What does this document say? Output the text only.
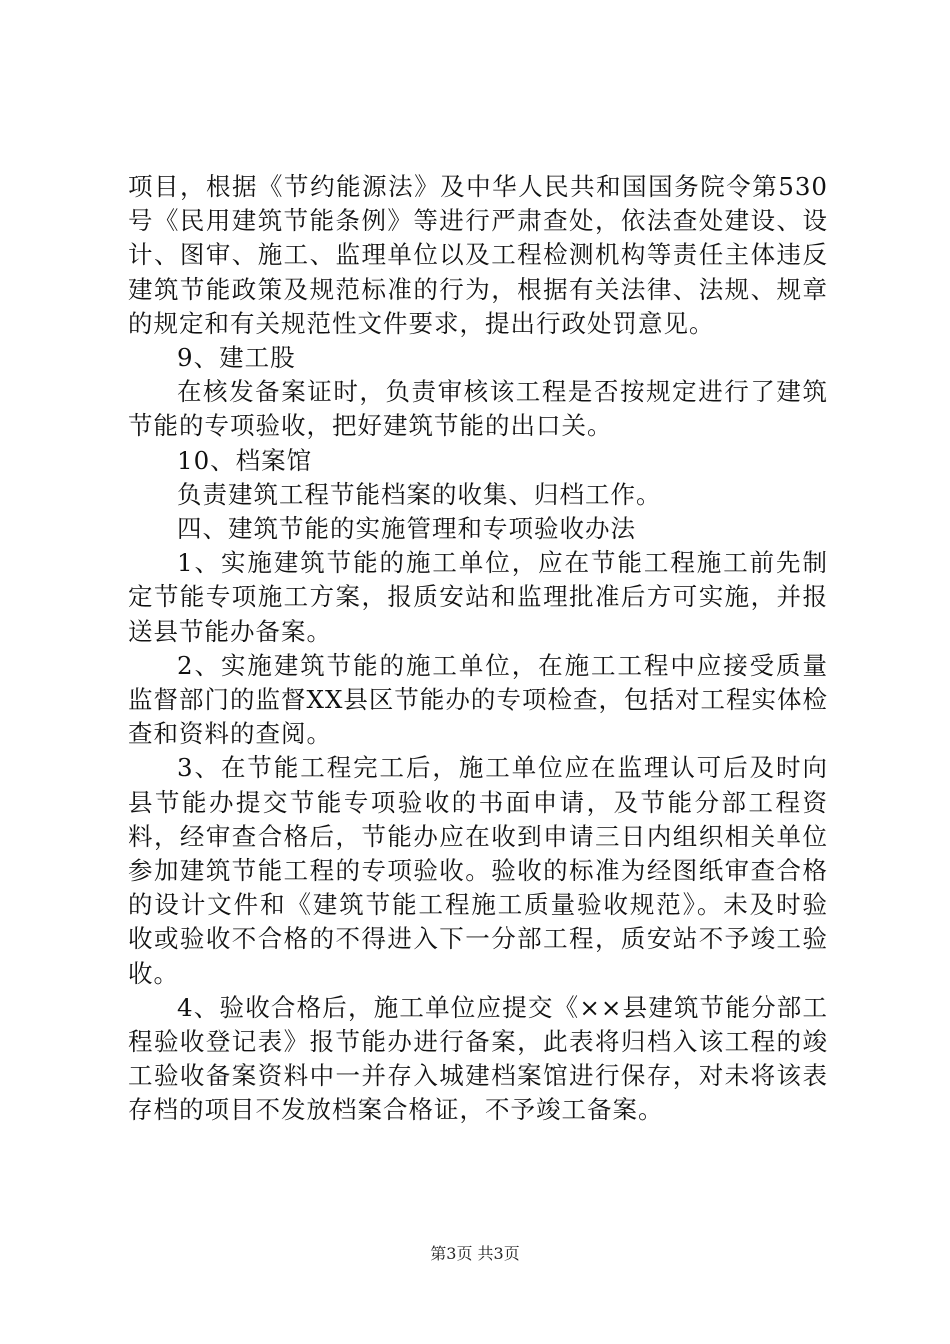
项目，根据《节约能源法》及中华人民共和国国务院令第530号《民用建筑节能条例》等进行严肃查处，依法查处建设、设计、图审、施工、监理单位以及工程检测机构等责任主体违反建筑节能政策及规范标准的行为，根据有关法律、法规、规章的规定和有关规范性文件要求，提出行政处罚意见。

9、建工股

在核发备案证时，负责审核该工程是否按规定进行了建筑节能的专项验收，把好建筑节能的出口关。

10、档案馆

负责建筑工程节能档案的收集、归档工作。

四、建筑节能的实施管理和专项验收办法

1、实施建筑节能的施工单位，应在节能工程施工前先制定节能专项施工方案，报质安站和监理批准后方可实施，并报送县节能办备案。

2、实施建筑节能的施工单位，在施工工程中应接受质量监督部门的监督XX县区节能办的专项检查，包括对工程实体检查和资料的查阅。

3、在节能工程完工后，施工单位应在监理认可后及时向县节能办提交节能专项验收的书面申请，及节能分部工程资料，经审查合格后，节能办应在收到申请三日内组织相关单位参加建筑节能工程的专项验收。验收的标准为经图纸审查合格的设计文件和《建筑节能工程施工质量验收规范》。未及时验收或验收不合格的不得进入下一分部工程，质安站不予竣工验收。

4、验收合格后，施工单位应提交《××县建筑节能分部工程验收登记表》报节能办进行备案，此表将归档入该工程的竣工验收备案资料中一并存入城建档案馆进行保存，对未将该表存档的项目不发放档案合格证，不予竣工备案。

第3页 共3页
